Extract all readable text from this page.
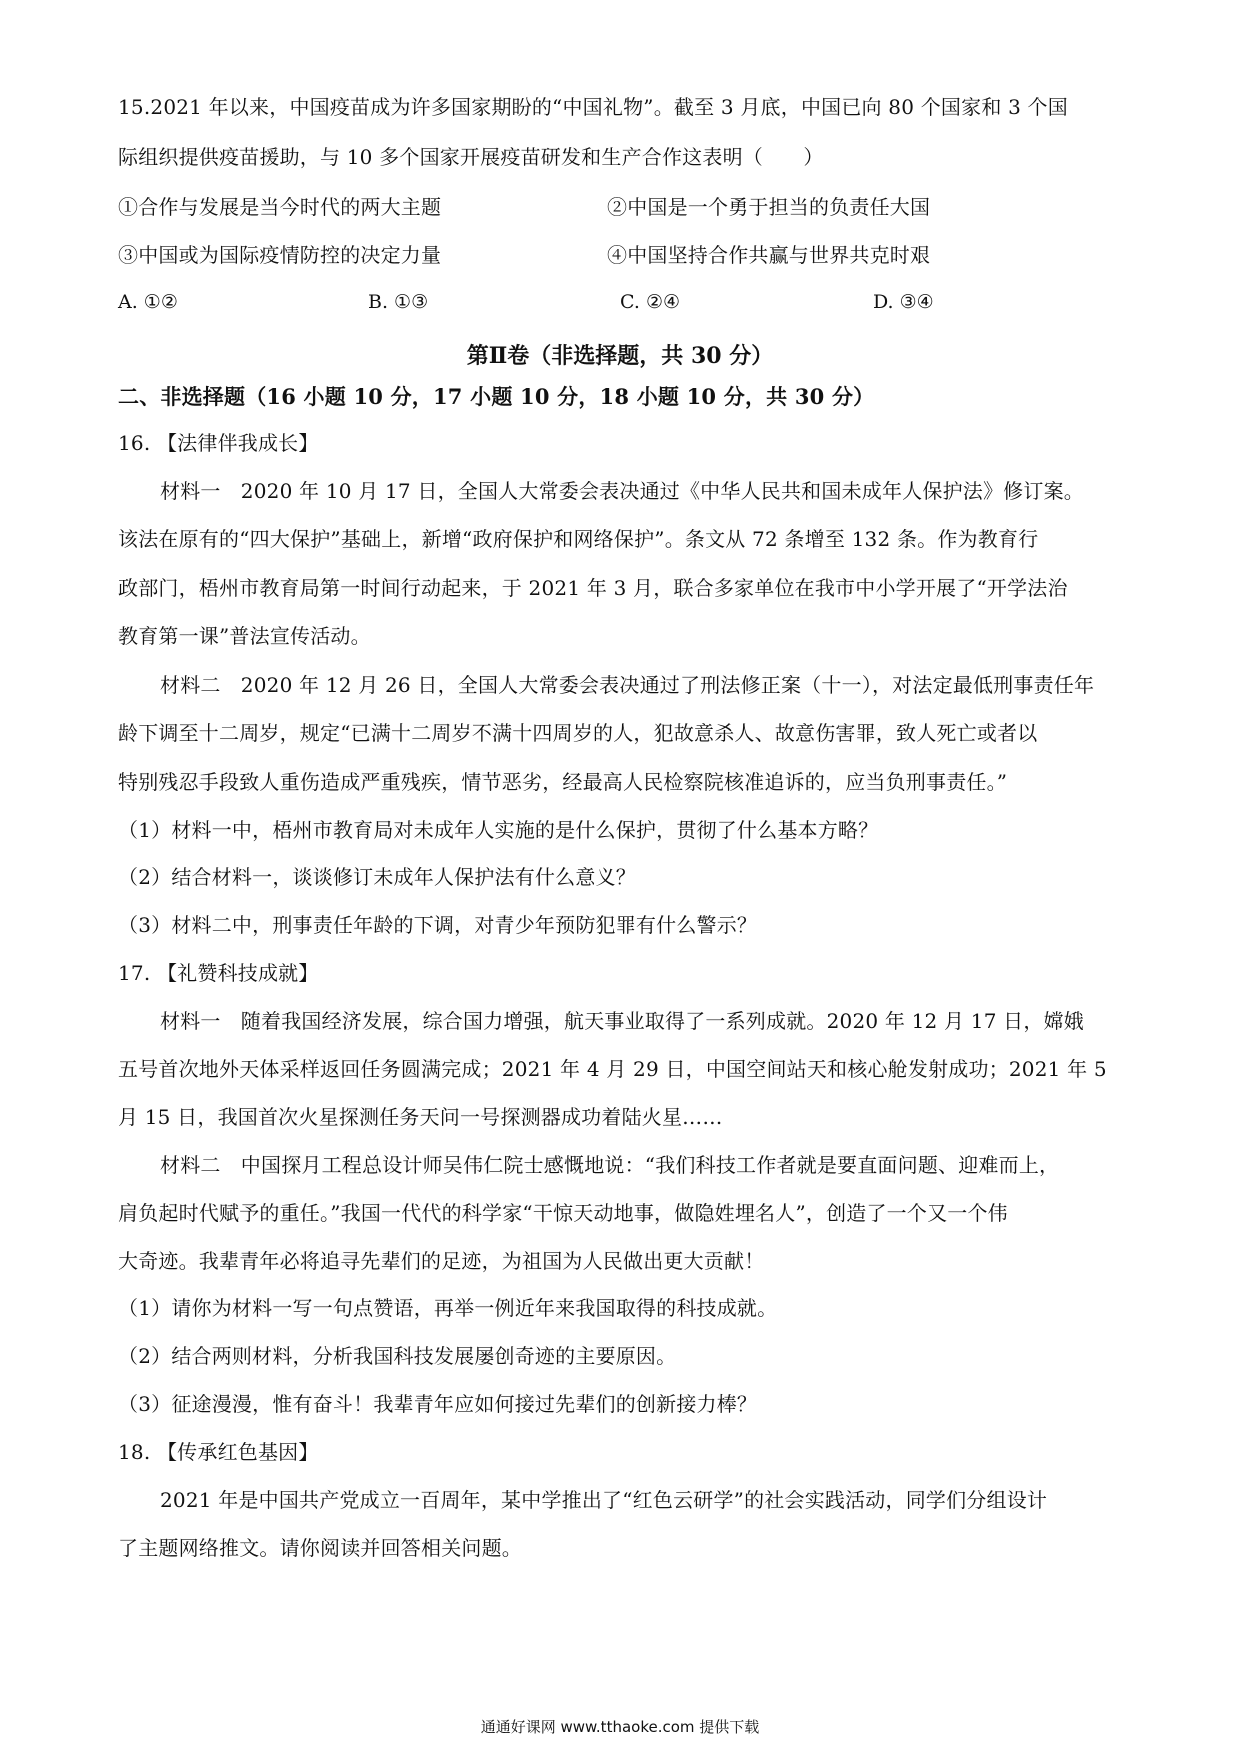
15.2021 年以来，中国疫苗成为许多国家期盼的“中国礼物”。截至 3 月底，中国已向 80 个国家和 3 个国
际组织提供疫苗援助，与 10 多个国家开展疫苗研发和生产合作这表明（　　）
①合作与发展是当今时代的两大主题	②中国是一个勇于担当的负责任大国
③中国或为国际疫情防控的决定力量	④中国坚持合作共赢与世界共克时艰
A. ①②	B. ①③	C. ②④	D. ③④
第Ⅱ卷（非选择题，共 30 分）
二、非选择题（16 小题 10 分，17 小题 10 分，18 小题 10 分，共 30 分）
16. 【法律伴我成长】
材料一　2020 年 10 月 17 日，全国人大常委会表决通过《中华人民共和国未成年人保护法》修订案。
该法在原有的“四大保护”基础上，新增“政府保护和网络保护”。条文从 72 条增至 132 条。作为教育行
政部门，梧州市教育局第一时间行动起来，于 2021 年 3 月，联合多家单位在我市中小学开展了“开学法治
教育第一课”普法宣传活动。
材料二　2020 年 12 月 26 日，全国人大常委会表决通过了刑法修正案（十一），对法定最低刑事责任年
龄下调至十二周岁，规定“已满十二周岁不满十四周岁的人，犯故意杀人、故意伤害罪，致人死亡或者以
特别残忍手段致人重伤造成严重残疾，情节恶劣，经最高人民检察院核准追诉的，应当负刑事责任。”
（1）材料一中，梧州市教育局对未成年人实施的是什么保护，贯彻了什么基本方略？
（2）结合材料一，谈谈修订未成年人保护法有什么意义？
（3）材料二中，刑事责任年龄的下调，对青少年预防犯罪有什么警示？
17. 【礼赞科技成就】
材料一　随着我国经济发展，综合国力增强，航天事业取得了一系列成就。2020 年 12 月 17 日，嫦娥
五号首次地外天体采样返回任务圆满完成；2021 年 4 月 29 日，中国空间站天和核心舱发射成功；2021 年 5
月 15 日，我国首次火星探测任务天问一号探测器成功着陆火星……
材料二　中国探月工程总设计师吴伟仁院士感慨地说：“我们科技工作者就是要直面问题、迎难而上，
肩负起时代赋予的重任。”我国一代代的科学家“干惊天动地事，做隐姓埋名人”，创造了一个又一个伟
大奇迹。我辈青年必将追寻先辈们的足迹，为祖国为人民做出更大贡献！
（1）请你为材料一写一句点赞语，再举一例近年来我国取得的科技成就。
（2）结合两则材料，分析我国科技发展屡创奇迹的主要原因。
（3）征途漫漫，惟有奋斗！我辈青年应如何接过先辈们的创新接力棒？
18. 【传承红色基因】
2021 年是中国共产党成立一百周年，某中学推出了“红色云研学”的社会实践活动，同学们分组设计
了主题网络推文。请你阅读并回答相关问题。
通通好课网 www.tthaoke.com 提供下载
